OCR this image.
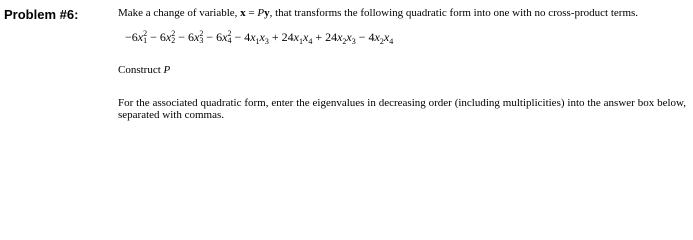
Problem #6:	Make a change of variable, x = Py, that transforms the following quadratic form into one with no cross-product terms.

−6x 2
1 − 6x 2
2 − 6x 2
3 − 6x 2
$4 - 4x_1x_3 + 24x_1x_4 + 24x_2x_3 - 4x_2x_4$
Construct P
For the associated quadratic form, enter the eigenvalues in decreasing order (including multiplicities) into the answer box below, separated with commas.
